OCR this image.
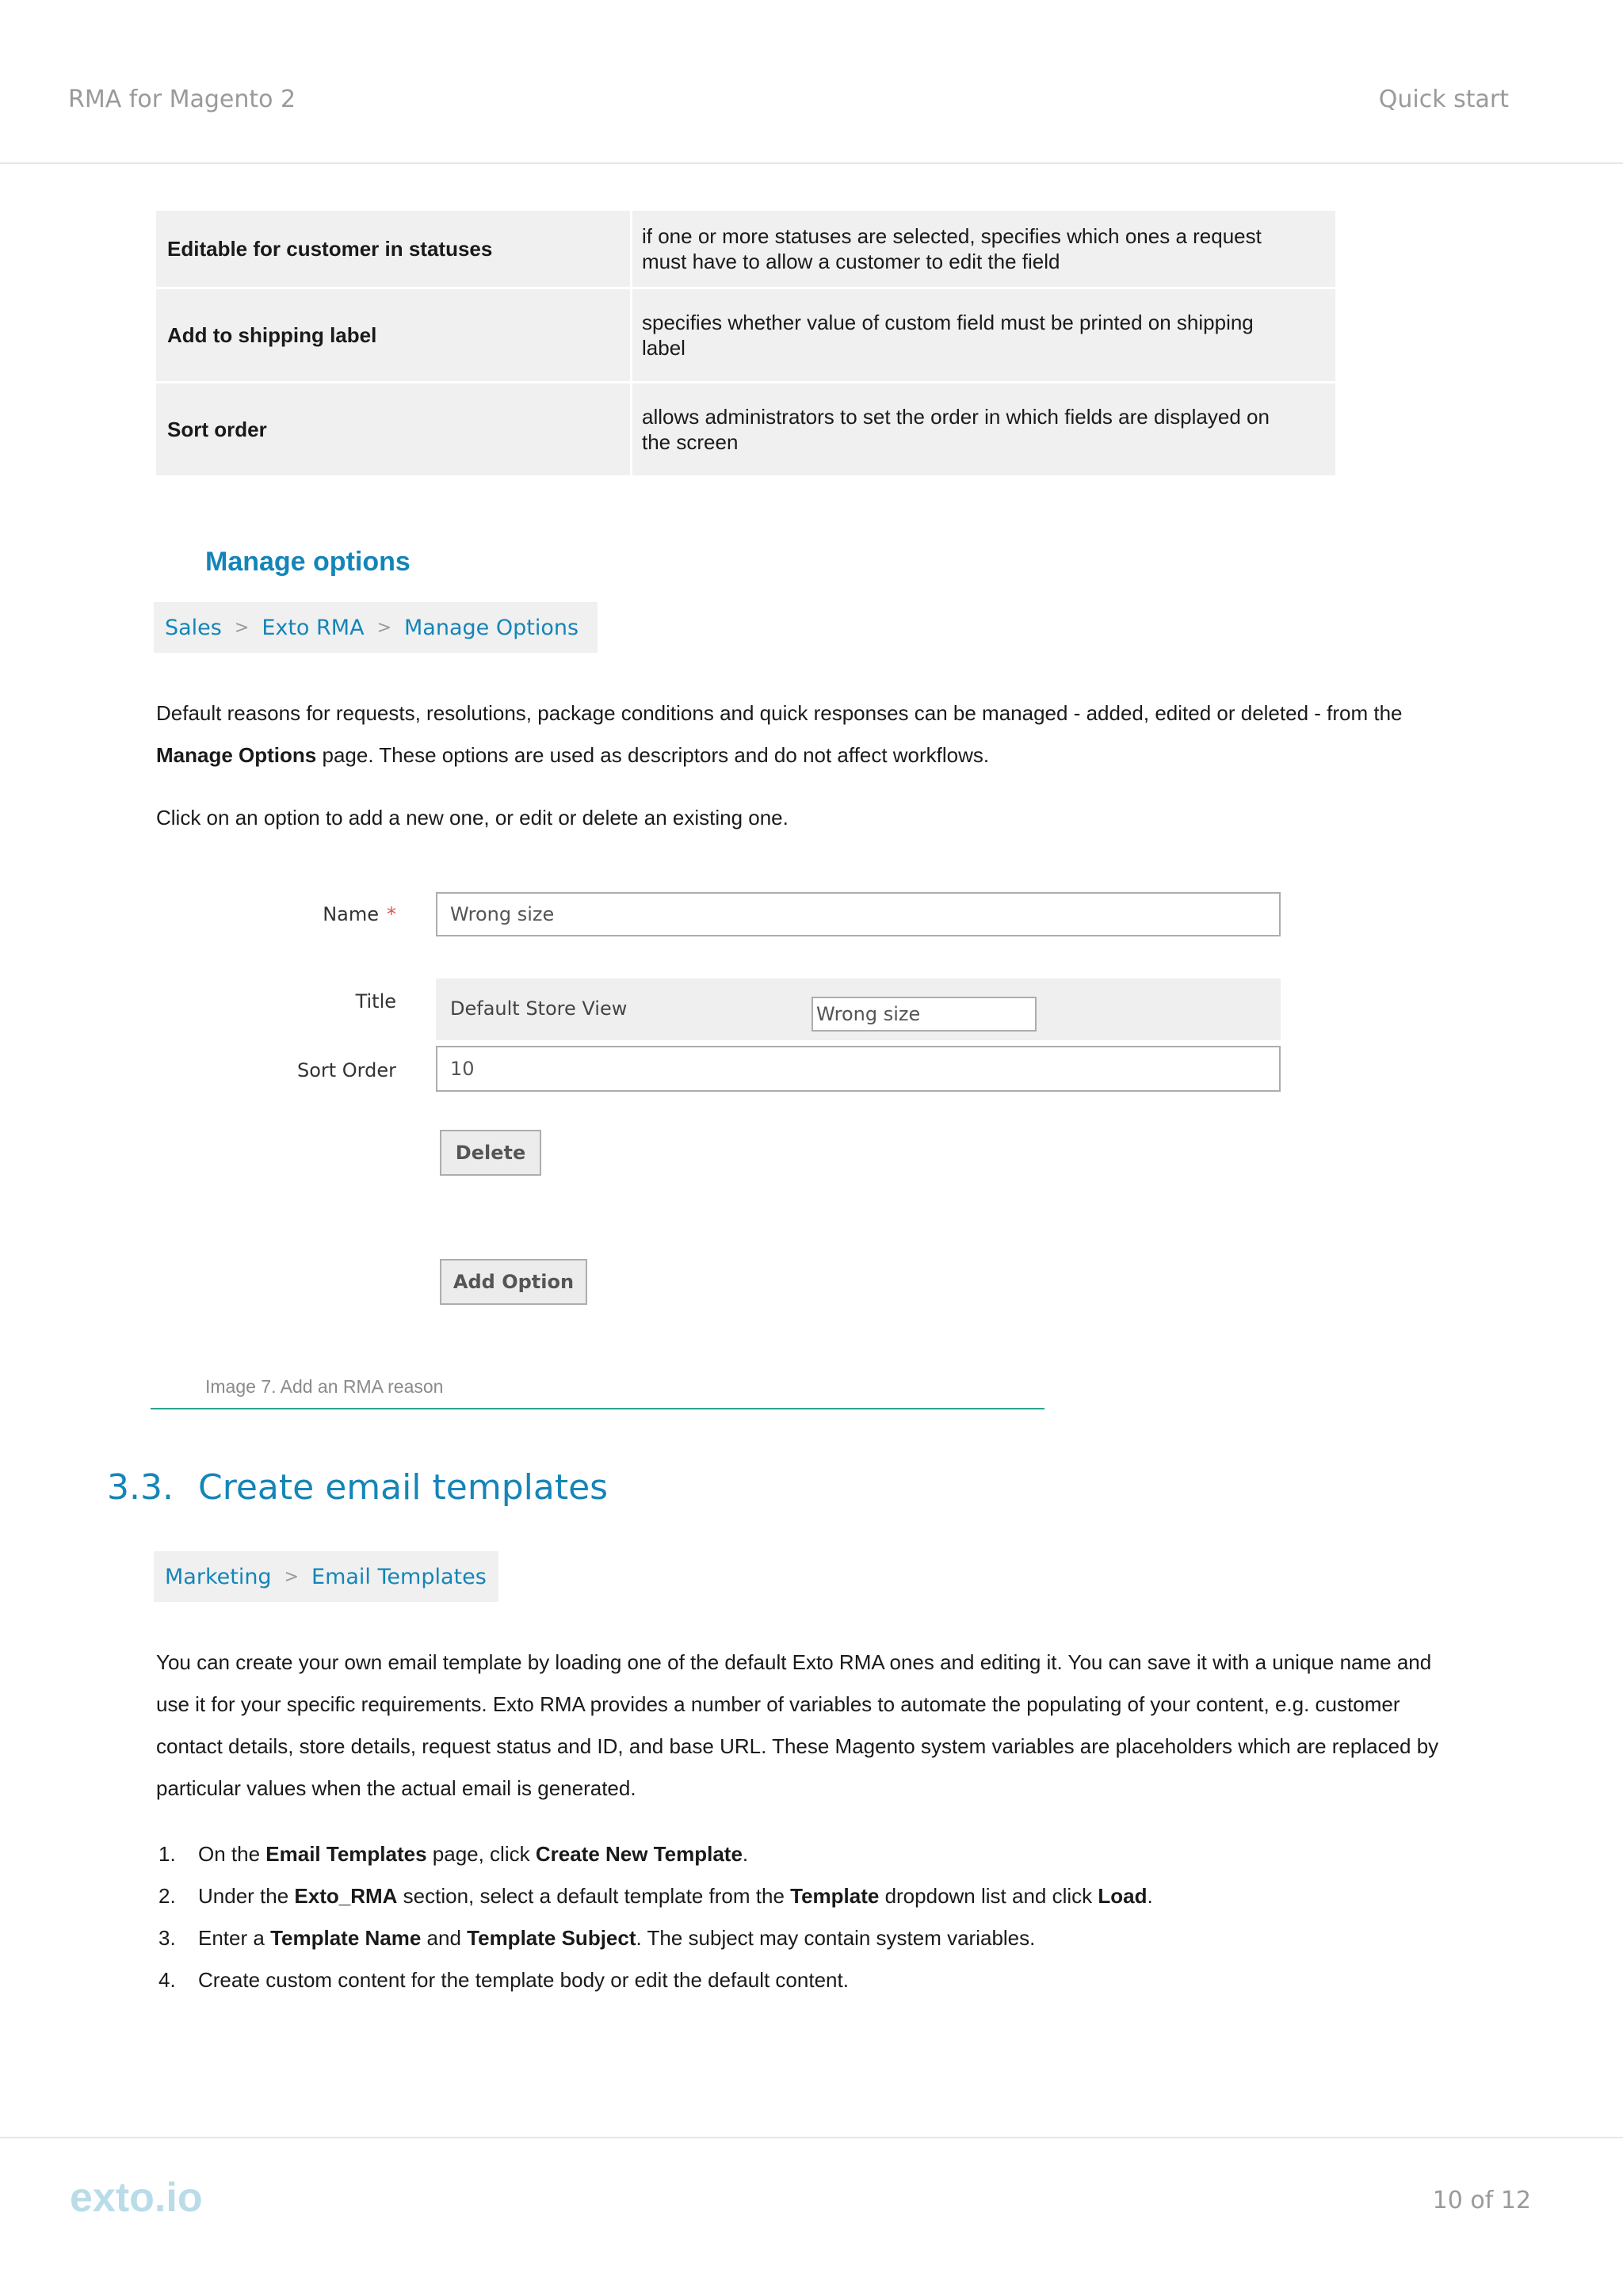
RMA for Magento 2	Quick start
Editable for customer in statuses	if one or more statuses are selected, specifies which ones a request
must have to allow a customer to edit the field
Add to shipping label	specifies whether value of custom field must be printed on shipping
label
Sort order	allows administrators to set the order in which fields are displayed on
the screen
Manage options
Sales > Exto RMA > Manage Options
Default reasons for requests, resolutions, package conditions and quick responses can be managed - added, edited or deleted - from the
Manage Options page. These options are used as descriptors and do not affect workflows.
Click on an option to add a new one, or edit or delete an existing one.
Name *	Wrong size
Title	Default Store View	Wrong size
Sort Order	10
Delete
Add Option
Image 7. Add an RMA reason
3.3. Create email templates
Marketing > Email Templates
You can create your own email template by loading one of the default Exto RMA ones and editing it. You can save it with a unique name and
use it for your specific requirements. Exto RMA provides a number of variables to automate the populating of your content, e.g. customer
contact details, store details, request status and ID, and base URL. These Magento system variables are placeholders which are replaced by
particular values when the actual email is generated.
1.	On the Email Templates page, click Create New Template.
2.	Under the Exto_RMA section, select a default template from the Template dropdown list and click Load.
3.	Enter a Template Name and Template Subject. The subject may contain system variables.
4.	Create custom content for the template body or edit the default content.
exto.io	10 of 12
